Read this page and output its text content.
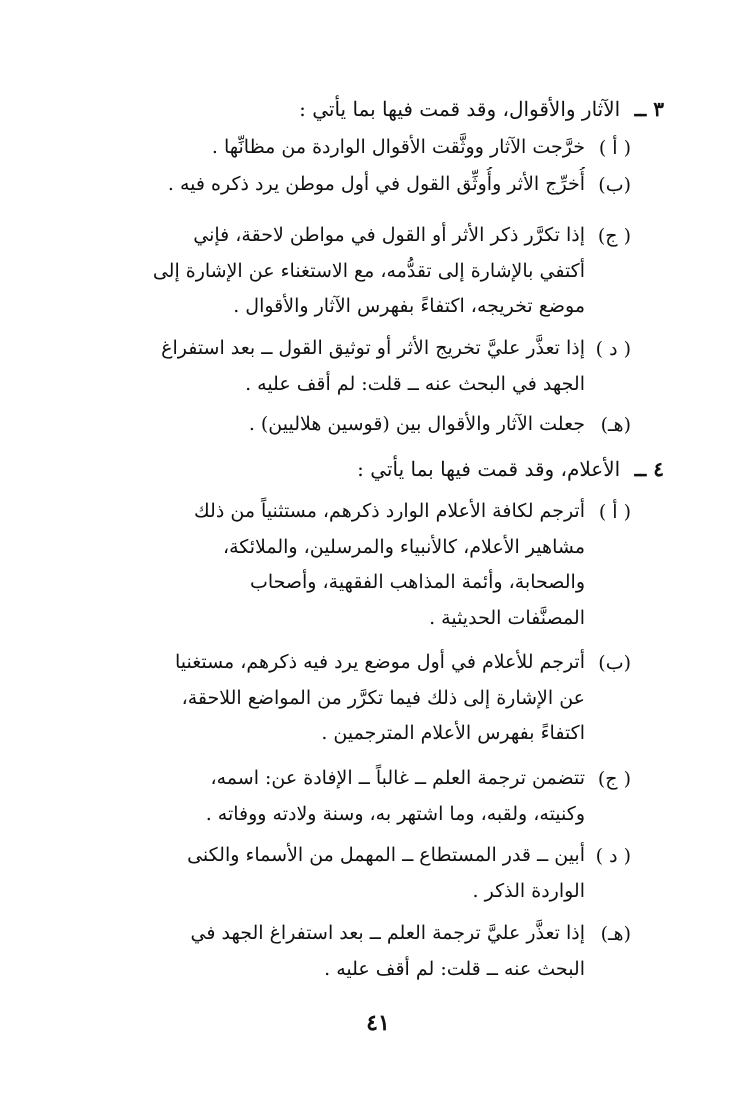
٣ ــ الآثار والأقوال، وقد قمت فيها بما يأتي :
( أ )
خرَّجت الآثار ووثَّقت الأقوال الواردة من مظانِّها .
(ب)
أُخرِّج الأثر وأُوثِّق القول في أول موطن يرد ذكره فيه .
( ج)
إذا تكرَّر ذكر الأثر أو القول في مواطن لاحقة، فإني
أكتفي بالإشارة إلى تقدُّمه، مع الاستغناء عن الإشارة إلى
موضع تخريجه، اكتفاءً بفهرس الآثار والأقوال .
( د )
إذا تعذَّر عليَّ تخريج الأثر أو توثيق القول ــ بعد استفراغ
الجهد في البحث عنه ــ قلت: لم أقف عليه .
(هـ)
جعلت الآثار والأقوال بين (قوسين هلاليين) .
٤ ــ الأعلام، وقد قمت فيها بما يأتي :
( أ )
أترجم لكافة الأعلام الوارد ذكرهم، مستثنياً من ذلك
مشاهير الأعلام، كالأنبياء والمرسلين، والملائكة،
والصحابة، وأئمة المذاهب الفقهية، وأصحاب
المصنَّفات الحديثية .
(ب)
أترجم للأعلام في أول موضع يرد فيه ذكرهم، مستغنيا
عن الإشارة إلى ذلك فيما تكرَّر من المواضع اللاحقة،
اكتفاءً بفهرس الأعلام المترجمين .
( ج)
تتضمن ترجمة العلم ــ غالباً ــ الإفادة عن: اسمه،
وكنيته، ولقبه، وما اشتهر به، وسنة ولادته ووفاته .
( د )
أبين ــ قدر المستطاع ــ المهمل من الأسماء والكنى
الواردة الذكر .
(هـ)
إذا تعذَّر عليَّ ترجمة العلم ــ بعد استفراغ الجهد في
البحث عنه ــ قلت: لم أقف عليه .
٤١
